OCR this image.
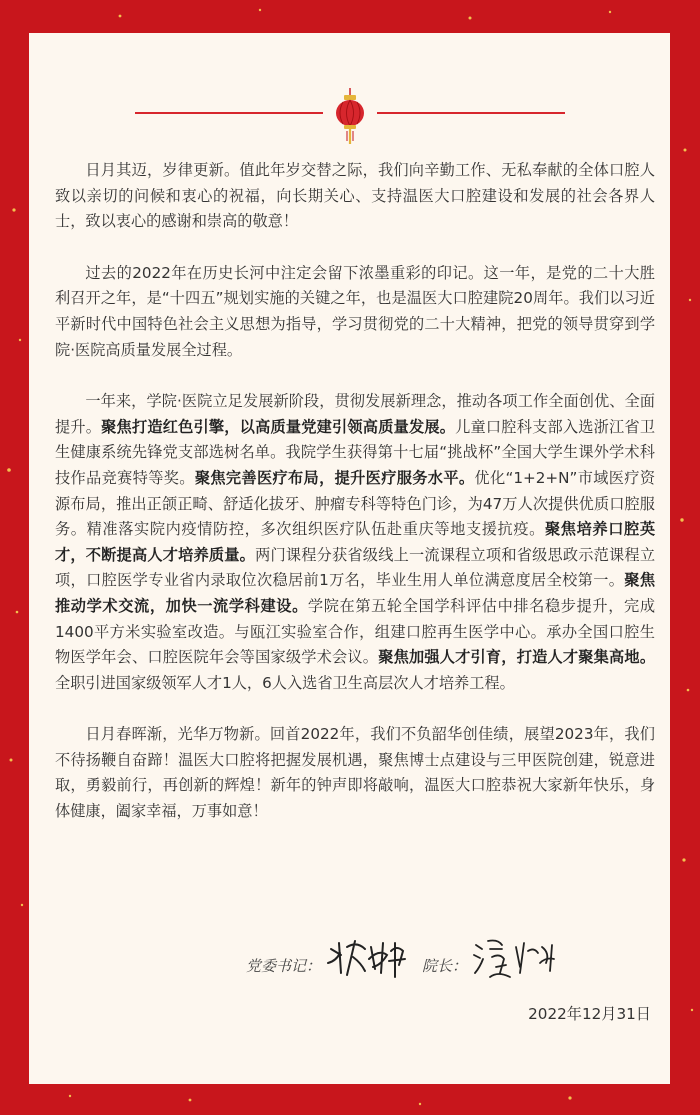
日月其迈，岁律更新。值此年岁交替之际，我们向辛勤工作、无私奉献的全体口腔人致以亲切的问候和衷心的祝福，向长期关心、支持温医大口腔建设和发展的社会各界人士，致以衷心的感谢和崇高的敬意！

过去的2022年在历史长河中注定会留下浓墨重彩的印记。这一年，是党的二十大胜利召开之年，是“十四五”规划实施的关键之年，也是温医大口腔建院20周年。我们以习近平新时代中国特色社会主义思想为指导，学习贯彻党的二十大精神，把党的领导贯穿到学院·医院高质量发展全过程。

一年来，学院·医院立足发展新阶段，贯彻发展新理念，推动各项工作全面创优、全面提升。聚焦打造红色引擎，以高质量党建引领高质量发展。儿童口腔科支部入选浙江省卫生健康系统先锋党支部选树名单。我院学生获得第十七届“挑战杯”全国大学生课外学术科技作品竞赛特等奖。聚焦完善医疗布局，提升医疗服务水平。优化“1+2+N”市域医疗资源布局，推出正颌正畸、舒适化拔牙、肿瘤专科等特色门诊，为47万人次提供优质口腔服务。精准落实院内疫情防控，多次组织医疗队伍赴重庆等地支援抗疫。聚焦培养口腔英才，不断提高人才培养质量。两门课程分获省级线上一流课程立项和省级思政示范课程立项，口腔医学专业省内录取位次稳居前1万名，毕业生用人单位满意度居全校第一。聚焦推动学术交流，加快一流学科建设。学院在第五轮全国学科评估中排名稳步提升，完成1400平方米实验室改造。与瓯江实验室合作，组建口腔再生医学中心。承办全国口腔生物医学年会、口腔医院年会等国家级学术会议。聚焦加强人才引育，打造人才聚集高地。全职引进国家级领军人才1人，6人入选省卫生高层次人才培养工程。

日月春晖渐，光华万物新。回首2022年，我们不负韶华创佳绩，展望2023年，我们不待扬鞭自奋蹄！温医大口腔将把握发展机遇，聚焦博士点建设与三甲医院创建，锐意进取，勇毅前行，再创新的辉煌！新年的钟声即将敲响，温医大口腔恭祝大家新年快乐，身体健康，阖家幸福，万事如意！

党委书记：	院长：
2022年12月31日
